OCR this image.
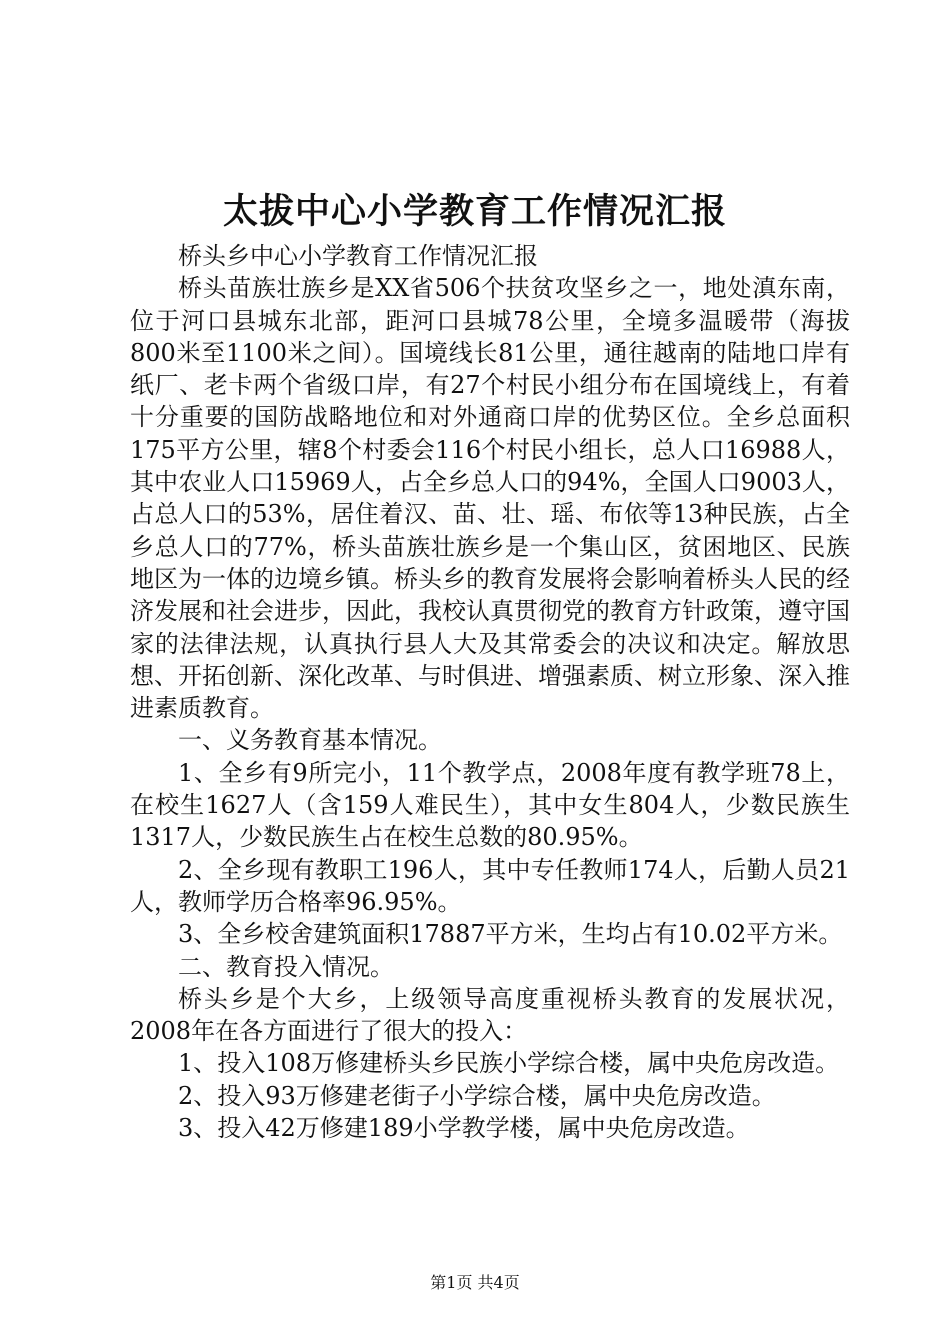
太拔中心小学教育工作情况汇报

桥头乡中心小学教育工作情况汇报

桥头苗族壮族乡是XX省506个扶贫攻坚乡之一，地处滇东南，位于河口县城东北部，距河口县城78公里，全境多温暖带（海拔800米至1100米之间）。国境线长81公里，通往越南的陆地口岸有纸厂、老卡两个省级口岸，有27个村民小组分布在国境线上，有着十分重要的国防战略地位和对外通商口岸的优势区位。全乡总面积175平方公里，辖8个村委会116个村民小组长，总人口16988人，其中农业人口15969人，占全乡总人口的94%，全国人口9003人，占总人口的53%，居住着汉、苗、壮、瑶、布依等13种民族，占全乡总人口的77%，桥头苗族壮族乡是一个集山区，贫困地区、民族地区为一体的边境乡镇。桥头乡的教育发展将会影响着桥头人民的经济发展和社会进步，因此，我校认真贯彻党的教育方针政策，遵守国家的法律法规，认真执行县人大及其常委会的决议和决定。解放思想、开拓创新、深化改革、与时俱进、增强素质、树立形象、深入推进素质教育。

一、义务教育基本情况。

1、全乡有9所完小，11个教学点，2008年度有教学班78上，在校生1627人（含159人难民生），其中女生804人，少数民族生1317人，少数民族生占在校生总数的80.95%。

2、全乡现有教职工196人，其中专任教师174人，后勤人员21人，教师学历合格率96.95%。

3、全乡校舍建筑面积17887平方米，生均占有10.02平方米。

二、教育投入情况。

桥头乡是个大乡，上级领导高度重视桥头教育的发展状况，2008年在各方面进行了很大的投入：

1、投入108万修建桥头乡民族小学综合楼，属中央危房改造。

2、投入93万修建老街子小学综合楼，属中央危房改造。

3、投入42万修建189小学教学楼，属中央危房改造。

第1页 共4页
